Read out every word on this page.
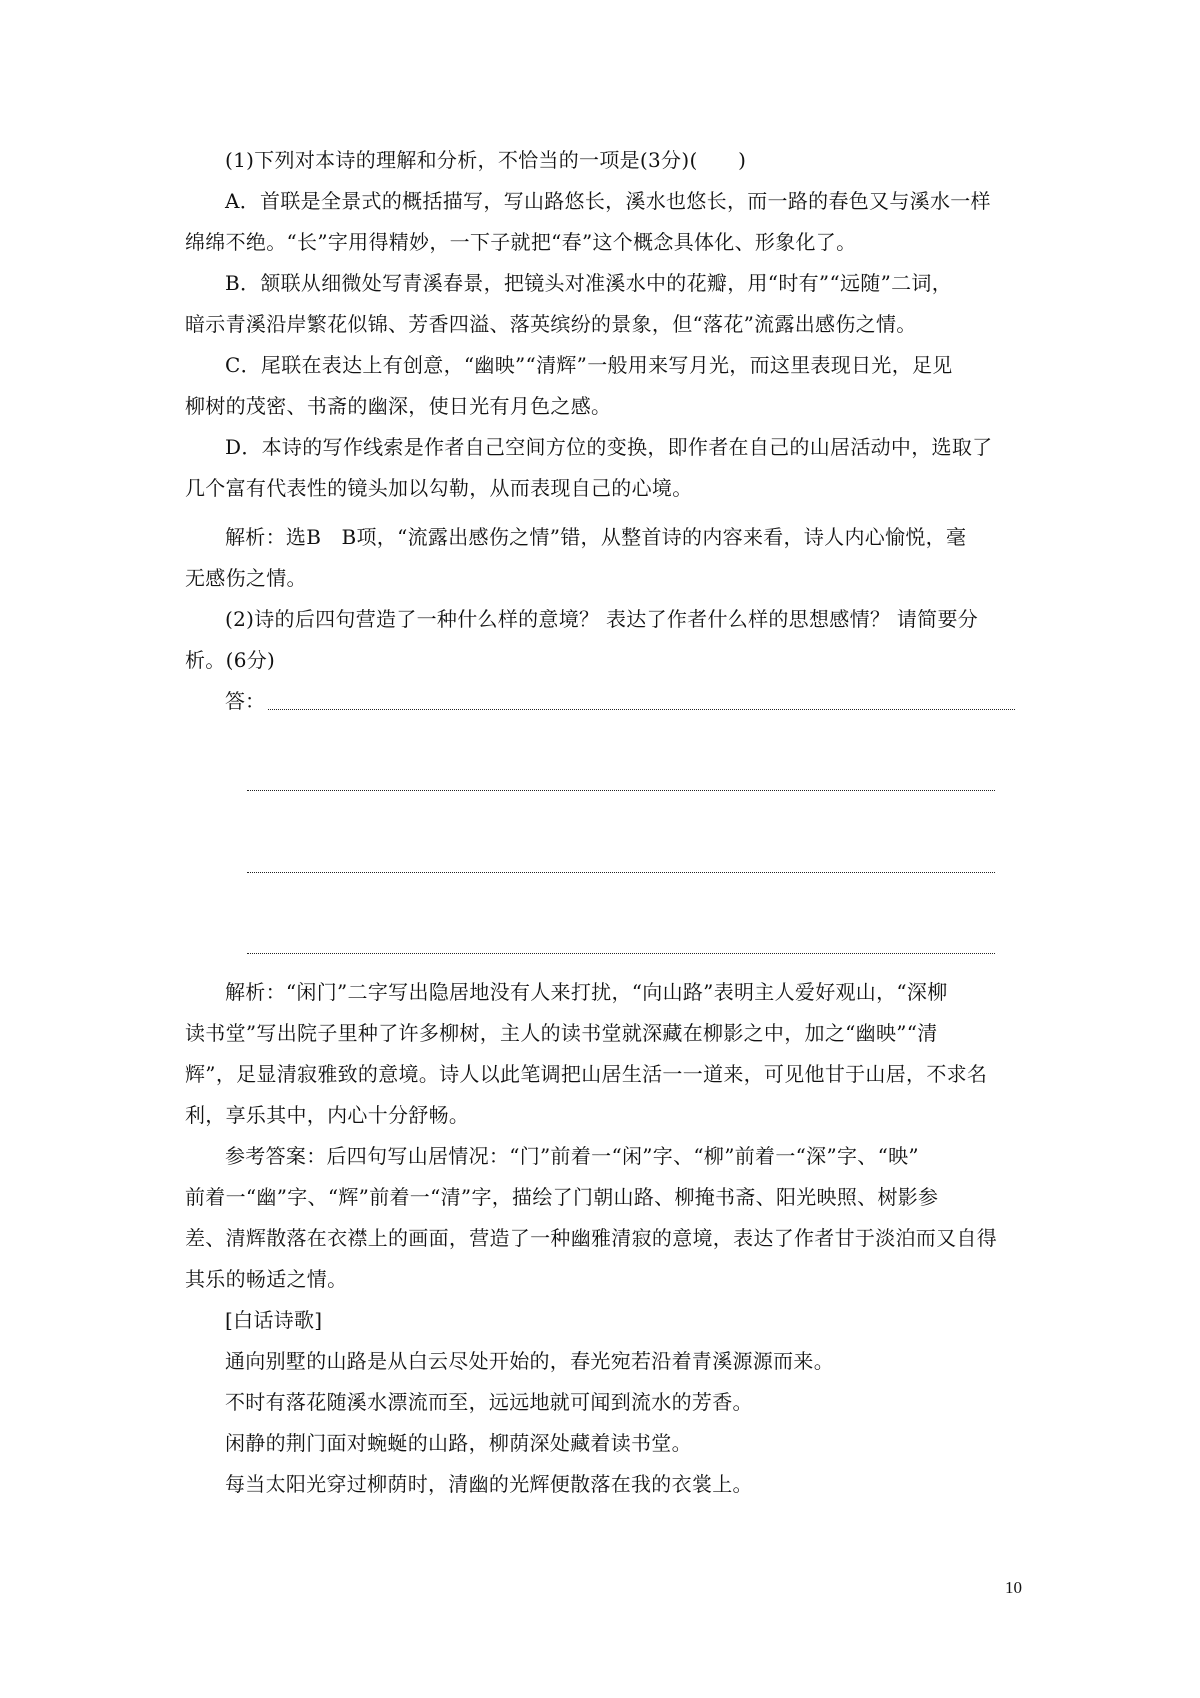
(1)下列对本诗的理解和分析，不恰当的一项是(3分)(　　)
A．首联是全景式的概括描写，写山路悠长，溪水也悠长，而一路的春色又与溪水一样
绵绵不绝。“长”字用得精妙，一下子就把“春”这个概念具体化、形象化了。
B．颔联从细微处写青溪春景，把镜头对准溪水中的花瓣，用“时有”“远随”二词，
暗示青溪沿岸繁花似锦、芳香四溢、落英缤纷的景象，但“落花”流露出感伤之情。
C．尾联在表达上有创意，“幽映”“清辉”一般用来写月光，而这里表现日光，足见
柳树的茂密、书斋的幽深，使日光有月色之感。
D．本诗的写作线索是作者自己空间方位的变换，即作者在自己的山居活动中，选取了
几个富有代表性的镜头加以勾勒，从而表现自己的心境。
解析：选B　B项，“流露出感伤之情”错，从整首诗的内容来看，诗人内心愉悦，毫
无感伤之情。
(2)诗的后四句营造了一种什么样的意境？ 表达了作者什么样的思想感情？ 请简要分
析。(6分)
答：
解析：“闲门”二字写出隐居地没有人来打扰，“向山路”表明主人爱好观山，“深柳
读书堂”写出院子里种了许多柳树，主人的读书堂就深藏在柳影之中，加之“幽映”“清
辉”，足显清寂雅致的意境。诗人以此笔调把山居生活一一道来，可见他甘于山居，不求名
利，享乐其中，内心十分舒畅。
参考答案：后四句写山居情况：“门”前着一“闲”字、“柳”前着一“深”字、“映”
前着一“幽”字、“辉”前着一“清”字，描绘了门朝山路、柳掩书斋、阳光映照、树影参
差、清辉散落在衣襟上的画面，营造了一种幽雅清寂的意境，表达了作者甘于淡泊而又自得
其乐的畅适之情。
[白话诗歌]
通向别墅的山路是从白云尽处开始的，春光宛若沿着青溪源源而来。
不时有落花随溪水漂流而至，远远地就可闻到流水的芳香。
闲静的荆门面对蜿蜒的山路，柳荫深处藏着读书堂。
每当太阳光穿过柳荫时，清幽的光辉便散落在我的衣裳上。
10
